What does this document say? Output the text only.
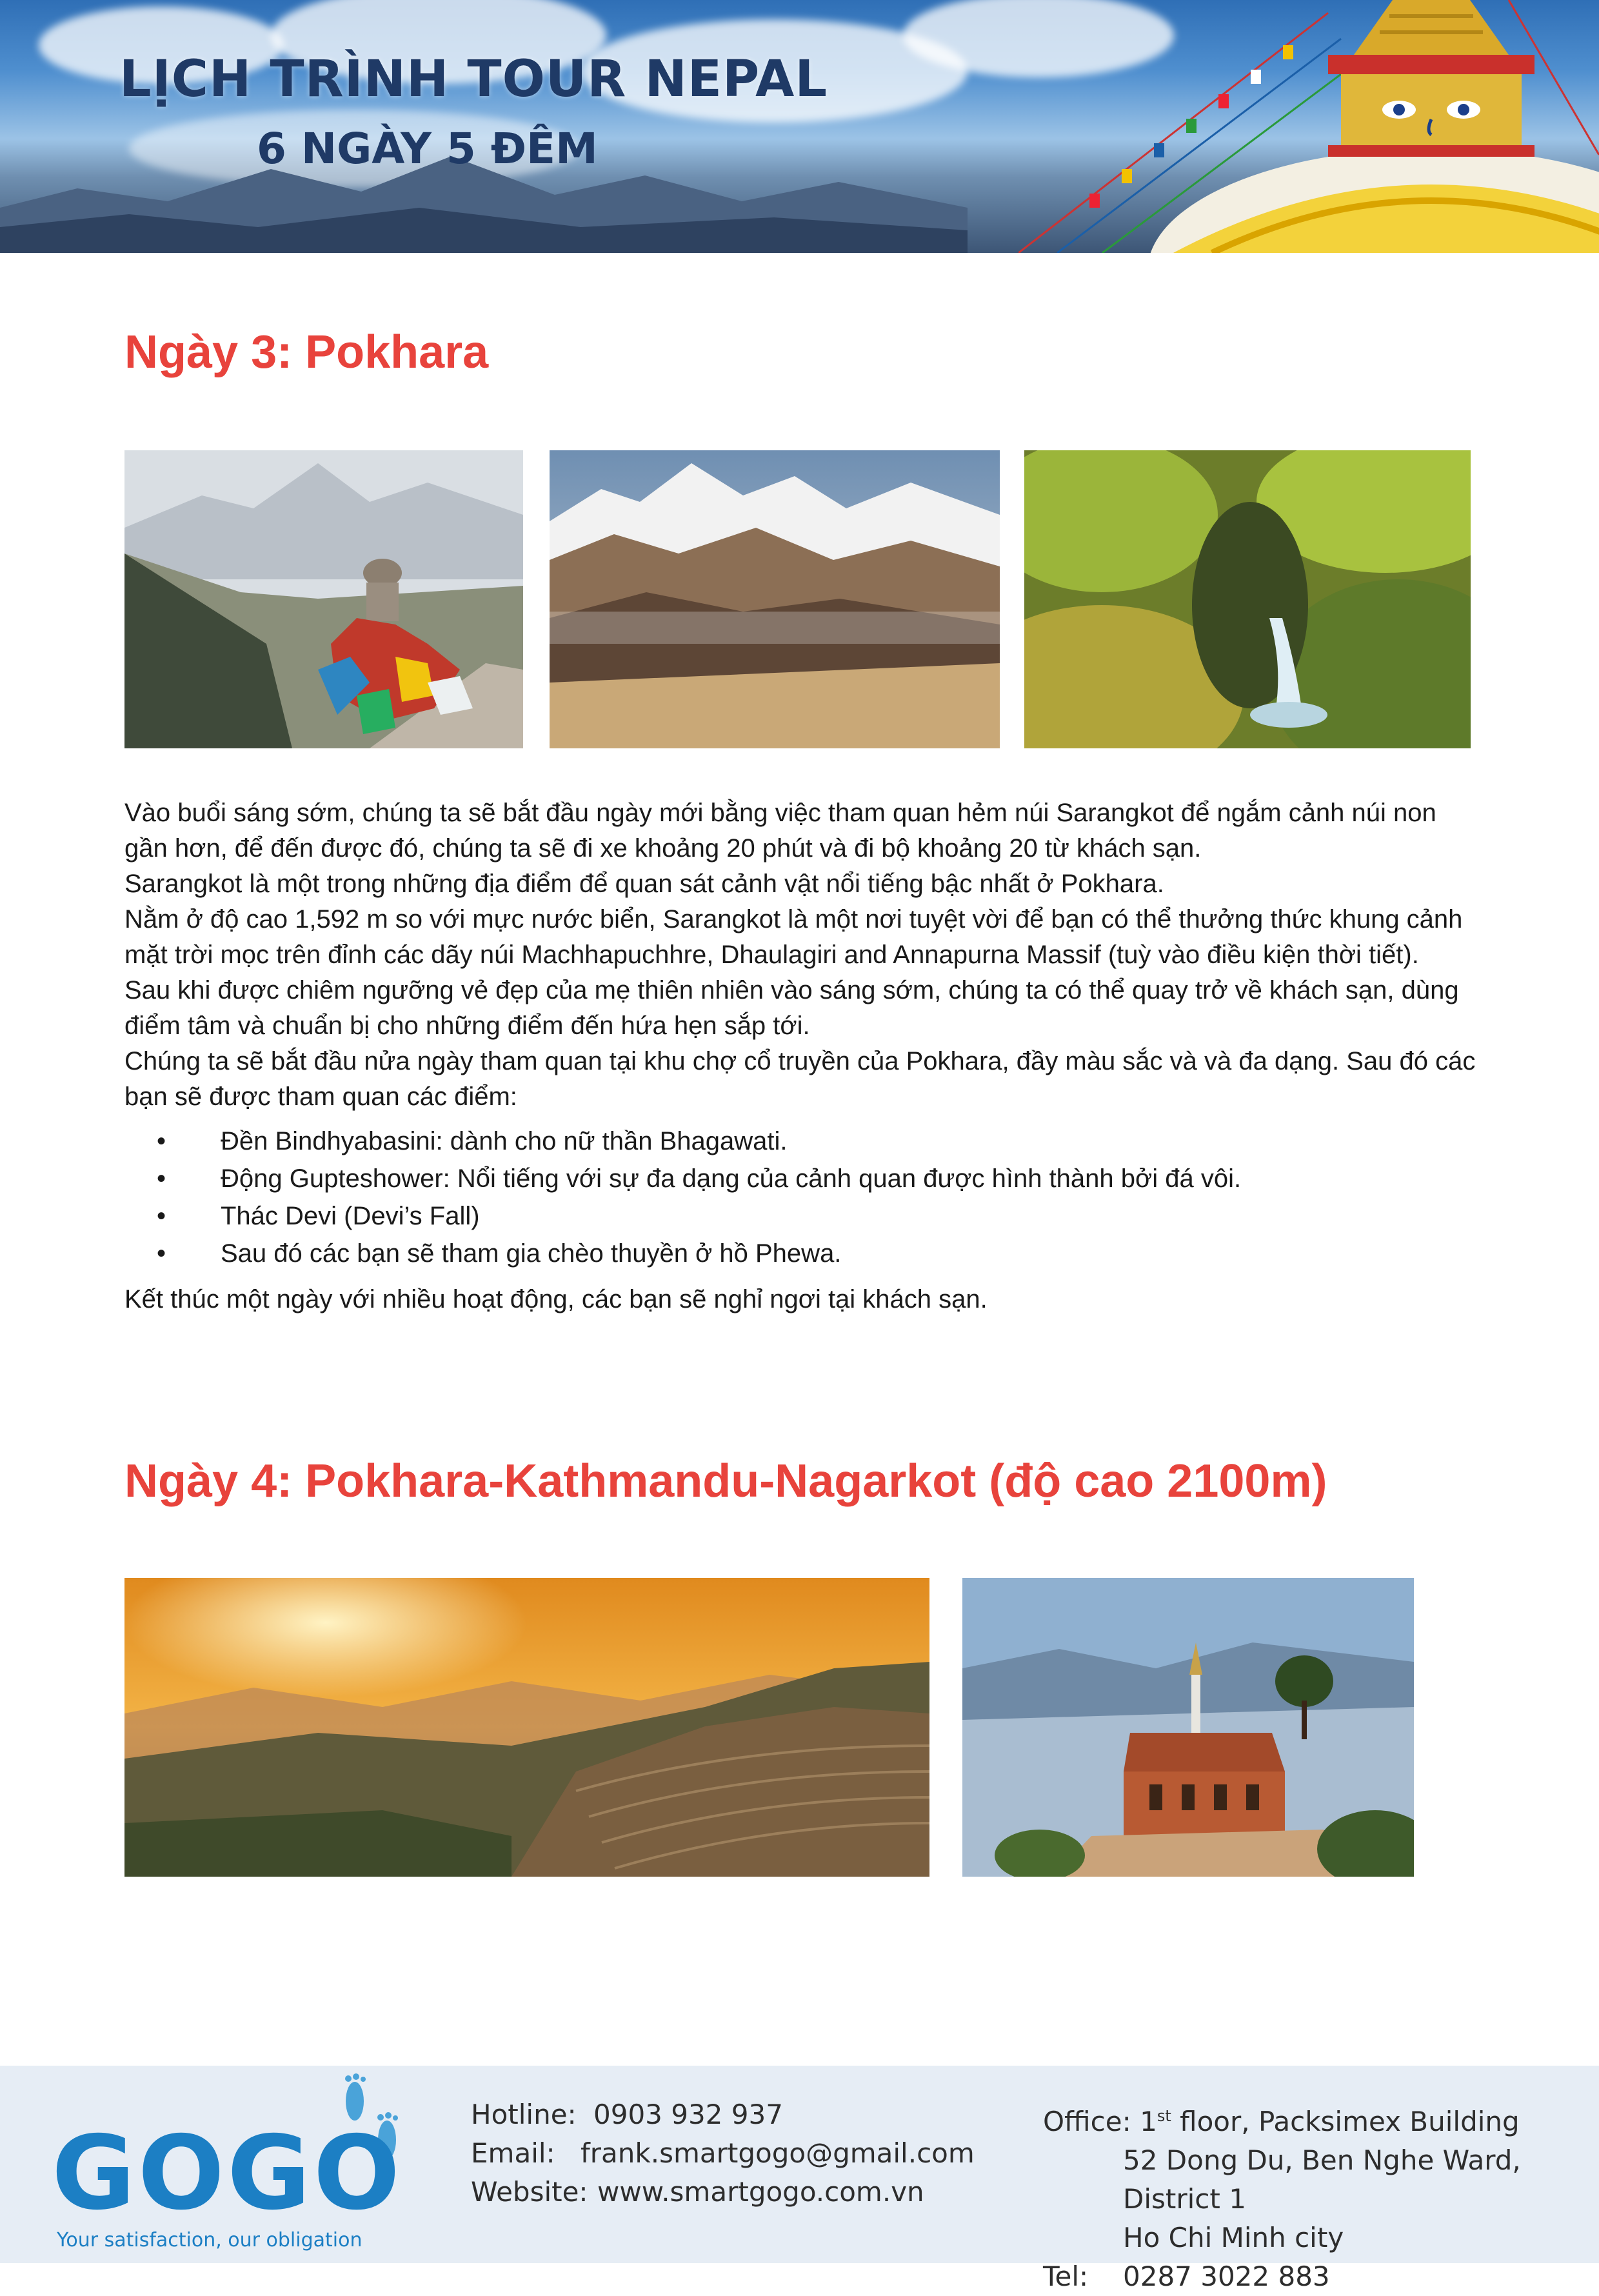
LỊCH TRÌNH TOUR NEPAL
6 NGÀY 5 ĐÊM
Ngày 3: Pokhara

Vào buổi sáng sớm, chúng ta sẽ bắt đầu ngày mới bằng việc tham quan hẻm núi Sarangkot để ngắm cảnh núi non gần hơn, để đến được đó, chúng ta sẽ đi xe khoảng 20 phút và đi bộ khoảng 20 từ khách sạn.

Sarangkot là một trong những địa điểm để quan sát cảnh vật nổi tiếng bậc nhất ở Pokhara.

Nằm ở độ cao 1,592 m so với mực nước biển, Sarangkot là một nơi tuyệt vời để bạn có thể thưởng thức khung cảnh mặt trời mọc trên đỉnh các dãy núi Machhapuchhre, Dhaulagiri and Annapurna Massif (tuỳ vào điều kiện thời tiết).

Sau khi được chiêm ngưỡng vẻ đẹp của mẹ thiên nhiên vào sáng sớm, chúng ta có thể quay trở về khách sạn, dùng điểm tâm và chuẩn bị cho những điểm đến hứa hẹn sắp tới.

Chúng ta sẽ bắt đầu nửa ngày tham quan tại khu chợ cổ truyền của Pokhara, đầy màu sắc và và đa dạng. Sau đó các bạn sẽ được tham quan các điểm:

• Đền Bindhyabasini: dành cho nữ thần Bhagawati.
• Động Gupteshower: Nổi tiếng với sự đa dạng của cảnh quan được hình thành bởi đá vôi.
• Thác Devi (Devi’s Fall)
• Sau đó các bạn sẽ tham gia chèo thuyền ở hồ Phewa.

Kết thúc một ngày với nhiều hoạt động, các bạn sẽ nghỉ ngơi tại khách sạn.

Ngày 4: Pokhara-Kathmandu-Nagarkot (độ cao 2100m)
GOGO
Your satisfaction, our obligation
Hotline: 0903 932 937
Email: frank.smartgogo@gmail.com
Website: www.smartgogo.com.vn
Office: 1st floor, Packsimex Building
52 Dong Du, Ben Nghe Ward, District 1
Ho Chi Minh city
Tel: 0287 3022 883
